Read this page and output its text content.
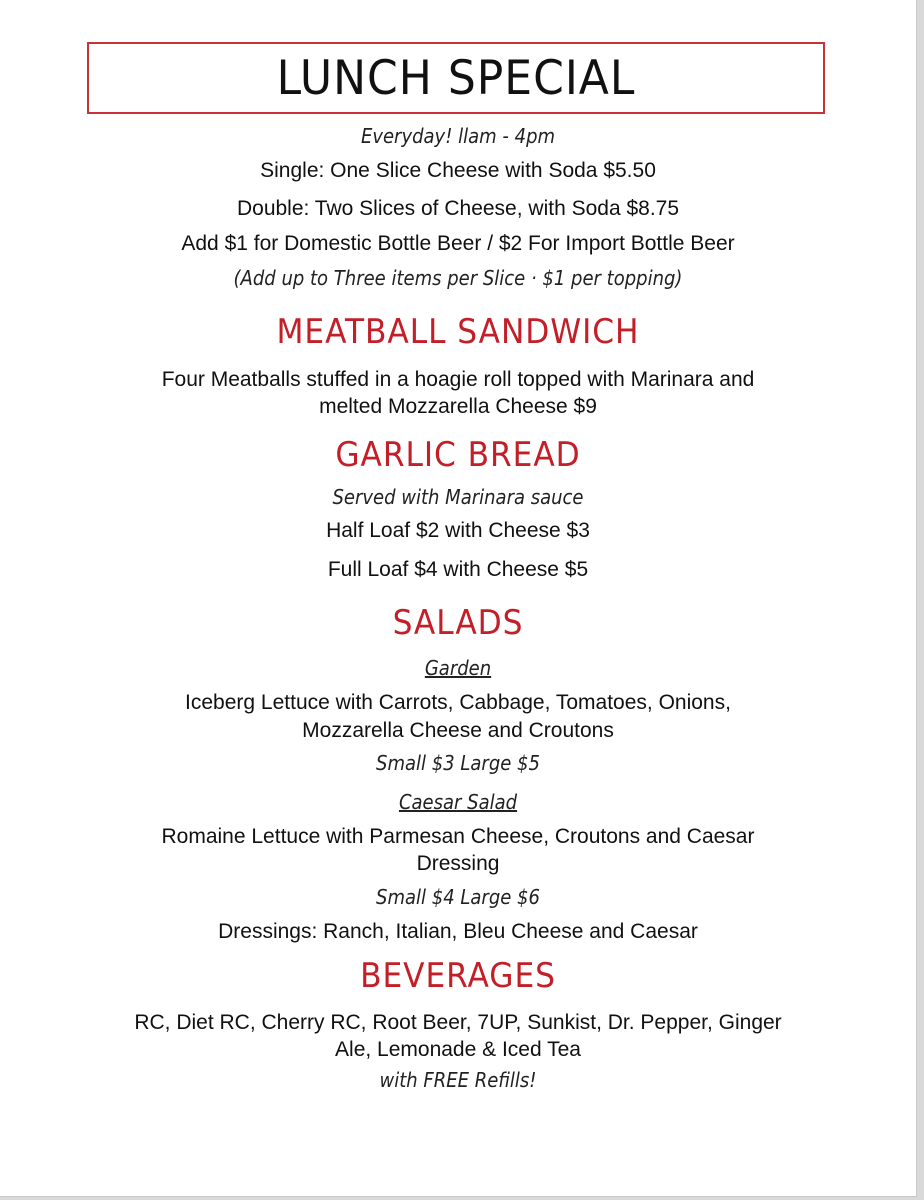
LUNCH SPECIAL
Everyday! llam - 4pm
Single: One Slice Cheese with Soda $5.50
Double: Two Slices of Cheese, with Soda $8.75
Add $1 for Domestic Bottle Beer / $2 For Import Bottle Beer
(Add up to Three items per Slice · $1 per topping)
MEATBALL SANDWICH
Four Meatballs stuffed in a hoagie roll topped with Marinara and
melted Mozzarella Cheese $9
GARLIC BREAD
Served with Marinara sauce
Half Loaf $2 with Cheese $3
Full Loaf $4 with Cheese $5
SALADS
Garden
Iceberg Lettuce with Carrots, Cabbage, Tomatoes, Onions,
Mozzarella Cheese and Croutons
Small $3 Large $5
Caesar Salad
Romaine Lettuce with Parmesan Cheese, Croutons and Caesar
Dressing
Small $4 Large $6
Dressings: Ranch, Italian, Bleu Cheese and Caesar
BEVERAGES
RC, Diet RC, Cherry RC, Root Beer, 7UP, Sunkist, Dr. Pepper, Ginger
Ale, Lemonade & Iced Tea
with FREE Refills!
